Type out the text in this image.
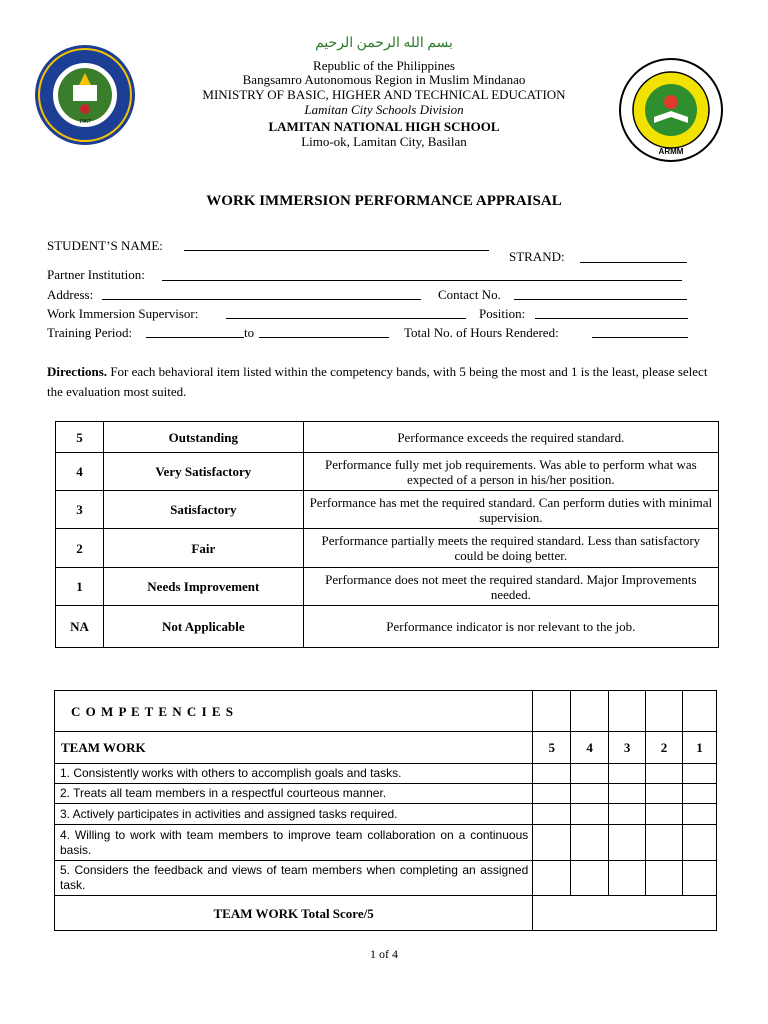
1967
ARMM
بسم الله الرحمن الرحيم
Republic of the Philippines
Bangsamro Autonomous Region in Muslim Mindanao
MINISTRY OF BASIC, HIGHER AND TECHNICAL EDUCATION
Lamitan City Schools Division
LAMITAN NATIONAL HIGH SCHOOL
Limo-ok, Lamitan City, Basilan
WORK IMMERSION PERFORMANCE APPRAISAL
STUDENT’S NAME:
STRAND:
Partner Institution:
Address:	Contact No.
Work Immersion Supervisor:	Position:
Training Period:	to	Total No. of Hours Rendered:
Directions. For each behavioral item listed within the competency bands, with 5 being the most and 1 is the least, please select the evaluation most suited.
5	Outstanding	Performance exceeds the required standard.
4	Very Satisfactory	Performance fully met job requirements. Was able to perform what was expected of a person in his/her position.
3	Satisfactory	Performance has met the required standard. Can perform duties with minimal supervision.
2	Fair	Performance partially meets the required standard. Less than satisfactory could be doing better.
1	Needs Improvement	Performance does not meet the required standard. Major Improvements needed.
NA	Not Applicable	Performance indicator is nor relevant to the job.
C O M P E T E N C I E S					
TEAM WORK	5	4	3	2	1
1. Consistently works with others to accomplish goals and tasks.					
2. Treats all team members in a respectful courteous manner.					
3. Actively participates in activities and assigned tasks required.					
4. Willing to work with team members to improve team collaboration on a continuous basis.					
5. Considers the feedback and views of team members when completing an assigned task.					
TEAM WORK Total Score/5					
1 of 4
